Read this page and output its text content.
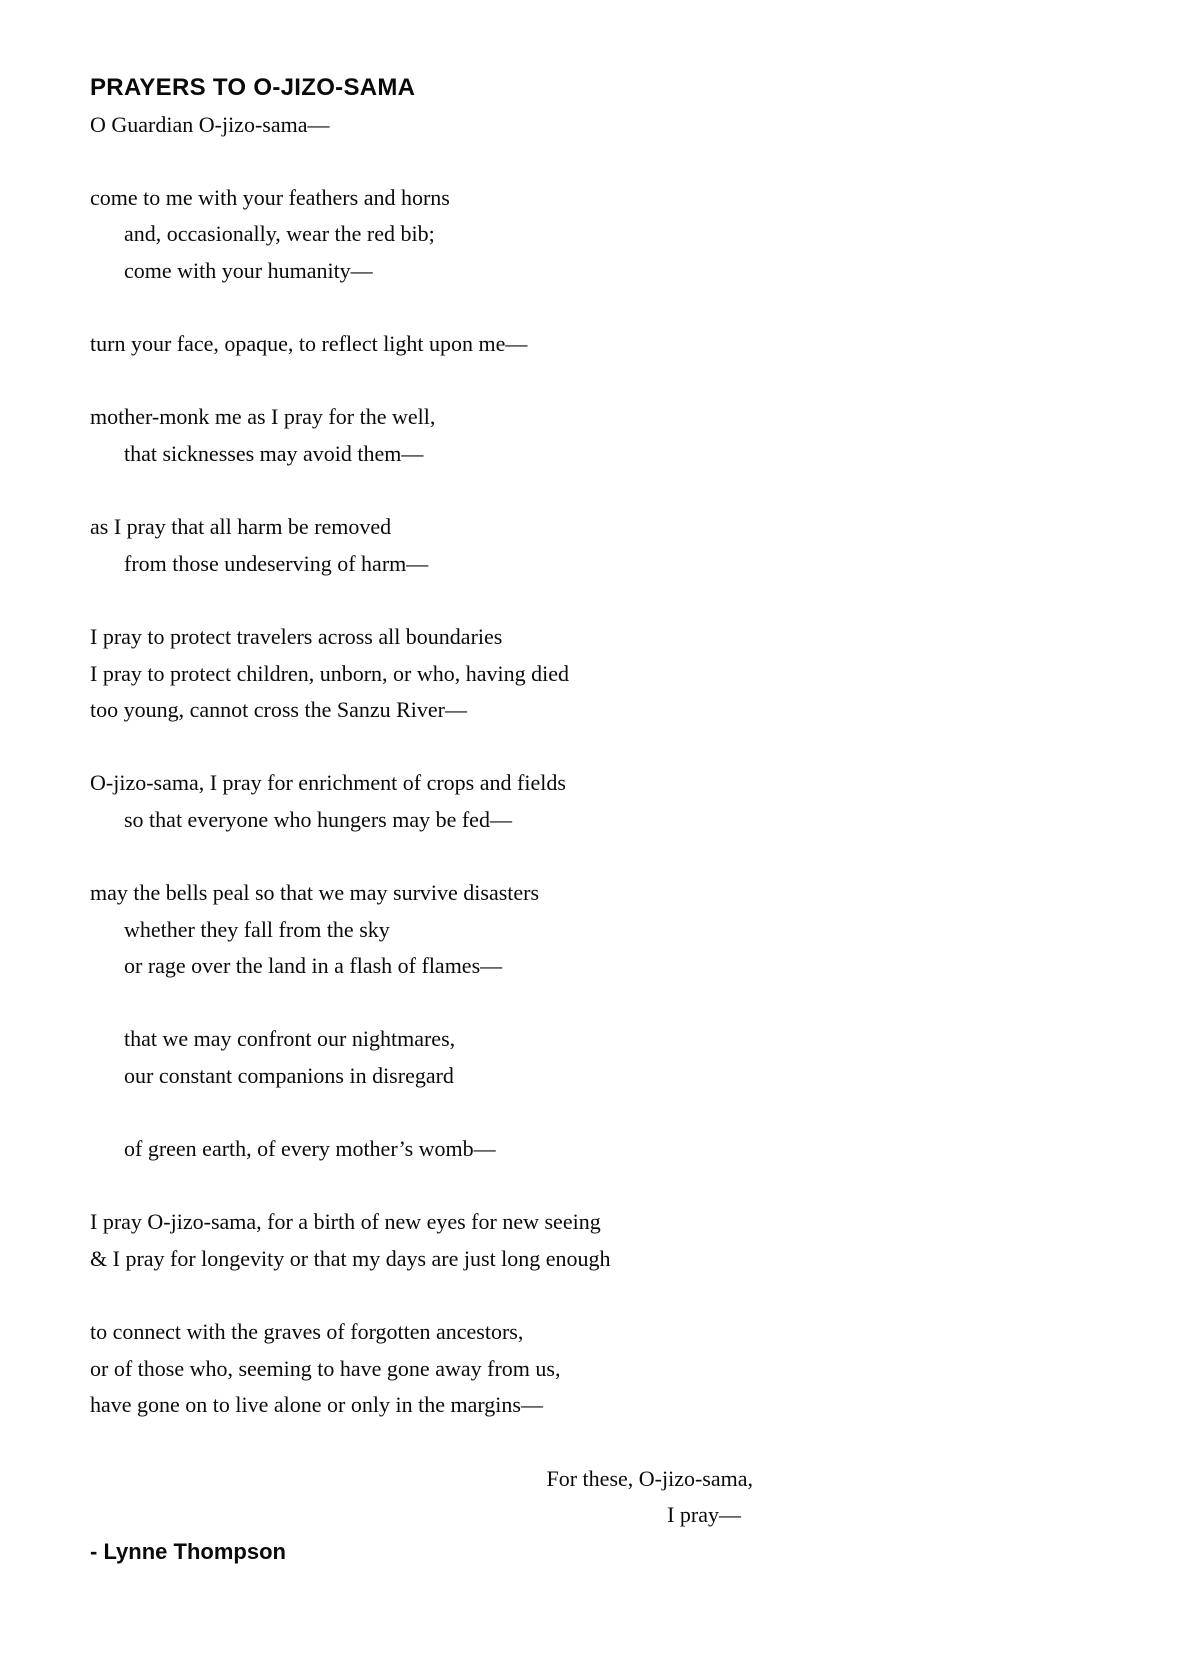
PRAYERS TO O-JIZO-SAMA

O Guardian O-jizo-sama—

come to me with your feathers and horns

and, occasionally, wear the red bib;

come with your humanity—

turn your face, opaque, to reflect light upon me—

mother-monk me as I pray for the well,

that sicknesses may avoid them—

as I pray that all harm be removed

from those undeserving of harm—

I pray to protect travelers across all boundaries

I pray to protect children, unborn, or who, having died

too young, cannot cross the Sanzu River—

O-jizo-sama, I pray for enrichment of crops and fields

so that everyone who hungers may be fed—

may the bells peal so that we may survive disasters

whether they fall from the sky

or rage over the land in a flash of flames—

that we may confront our nightmares,

our constant companions in disregard

of green earth, of every mother’s womb—

I pray O-jizo-sama, for a birth of new eyes for new seeing

& I pray for longevity or that my days are just long enough

to connect with the graves of forgotten ancestors,

or of those who, seeming to have gone away from us,

have gone on to live alone or only in the margins—

For these, O-jizo-sama,

I pray—

- Lynne Thompson
